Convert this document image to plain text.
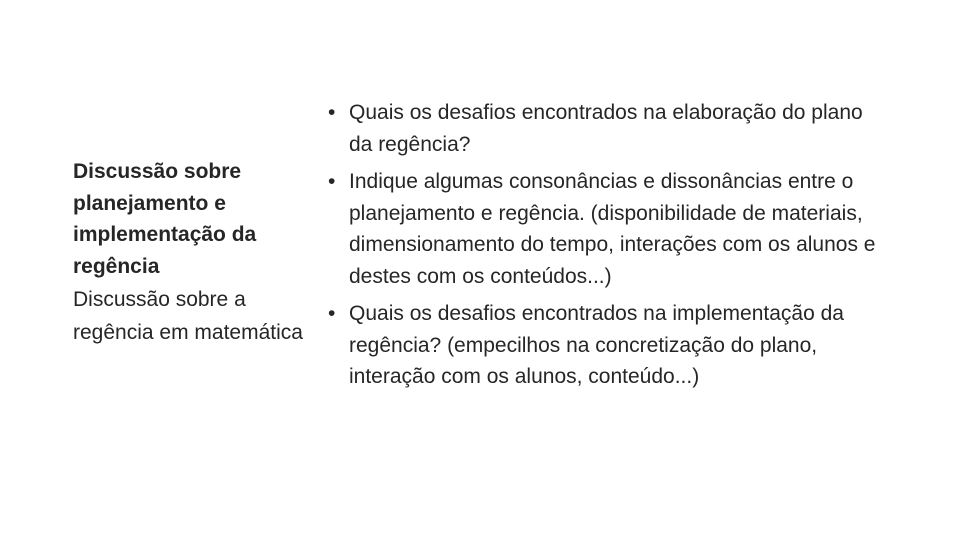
Discussão sobre planejamento e implementação da regência

Discussão sobre a regência em matemática

• Quais os desafios encontrados na elaboração do plano da regência?
• Indique algumas consonâncias e dissonâncias entre o planejamento e regência. (disponibilidade de materiais, dimensionamento do tempo, interações com os alunos e destes com os conteúdos...)
• Quais os desafios encontrados na implementação da regência? (empecilhos na concretização do plano, interação com os alunos, conteúdo...)
